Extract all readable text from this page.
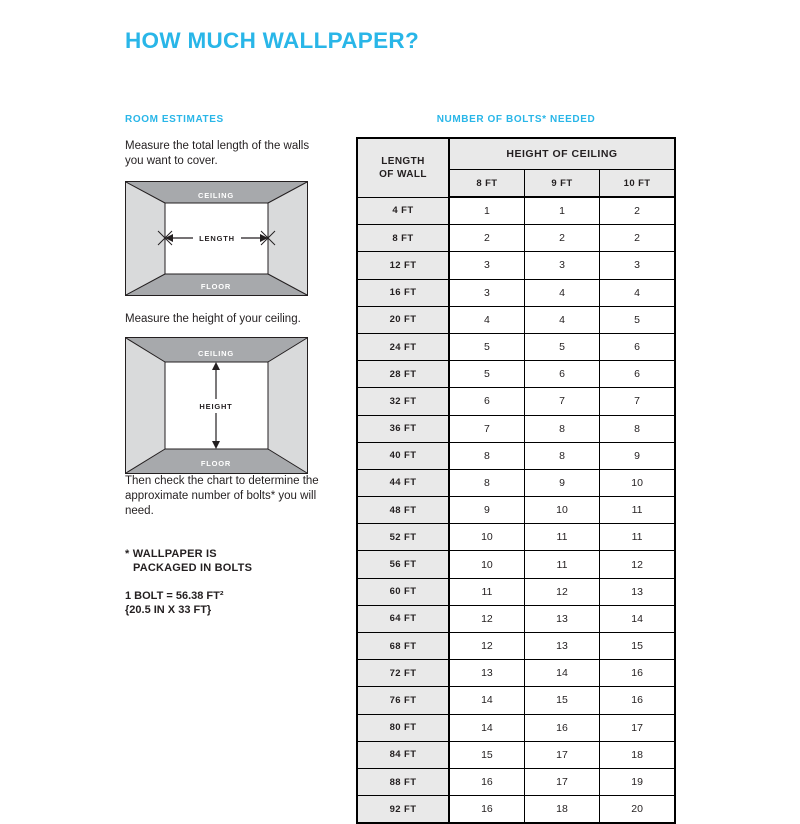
HOW MUCH WALLPAPER?
ROOM ESTIMATES

Measure the total length of the walls you want to cover.

CEILING
FLOOR
LENGTH

Measure the height of your ceiling.

CEILING
FLOOR
HEIGHT

Then check the chart to determine the approximate number of bolts* you will need.

* WALLPAPER IS
PACKAGED IN BOLTS
1 BOLT = 56.38 FT²
{20.5 IN X 33 FT}
NUMBER OF BOLTS* NEEDED
LENGTH
OF WALL	HEIGHT OF CEILING		
	8 FT	9 FT	10 FT
4 FT	1	1	2
8 FT	2	2	2
12 FT	3	3	3
16 FT	3	4	4
20 FT	4	4	5
24 FT	5	5	6
28 FT	5	6	6
32 FT	6	7	7
36 FT	7	8	8
40 FT	8	8	9
44 FT	8	9	10
48 FT	9	10	11
52 FT	10	11	11
56 FT	10	11	12
60 FT	11	12	13
64 FT	12	13	14
68 FT	12	13	15
72 FT	13	14	16
76 FT	14	15	16
80 FT	14	16	17
84 FT	15	17	18
88 FT	16	17	19
92 FT	16	18	20
